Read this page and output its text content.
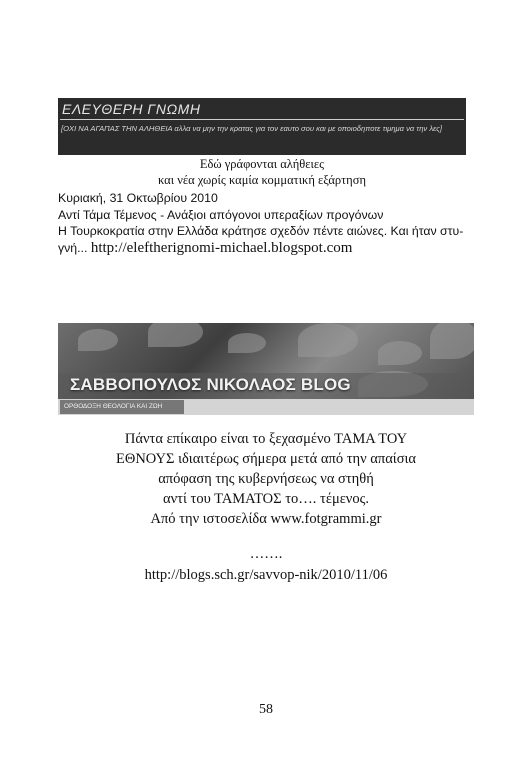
ΕΛΕΥΘΕΡΗ ΓΝΩΜΗ
[ΟΧΙ ΝΑ ΑΓΑΠΑΣ ΤΗΝ ΑΛΗΘΕΙΑ αλλα να μην την κρατας για τον εαυτο σου και με οποιοδηποτε τιμημα να την λες]
Εδώ γράφονται αλήθειες
και νέα χωρίς καμία κομματική εξάρτηση
Κυριακή, 31 Οκτωβρίου 2010
Αντί Τάμα Τέμενος - Ανάξιοι απόγονοι υπεραξίων προγόνων
Η Τουρκοκρατία στην Ελλάδα κράτησε σχεδόν πέντε αιώνες. Και ήταν στυ-
γνή... http://eleftherignomi-michael.blogspot.com
ΣΑΒΒΟΠΟΥΛΟΣ ΝΙΚΟΛΑΟΣ BLOG
ΟΡΘΟΔΟΞΗ ΘΕΟΛΟΓΙΑ ΚΑΙ ΖΩΗ
Πάντα επίκαιρο είναι το ξεχασμένο ΤΑΜΑ ΤΟΥ
ΕΘΝΟΥΣ ιδιαιτέρως σήμερα μετά από την απαίσια
απόφαση της κυβερνήσεως να στηθή
αντί του ΤΑΜΑΤΟΣ το…. τέμενος.
Από την ιστοσελίδα www.fotgrammi.gr
…….
http://blogs.sch.gr/savvop-nik/2010/11/06
58
